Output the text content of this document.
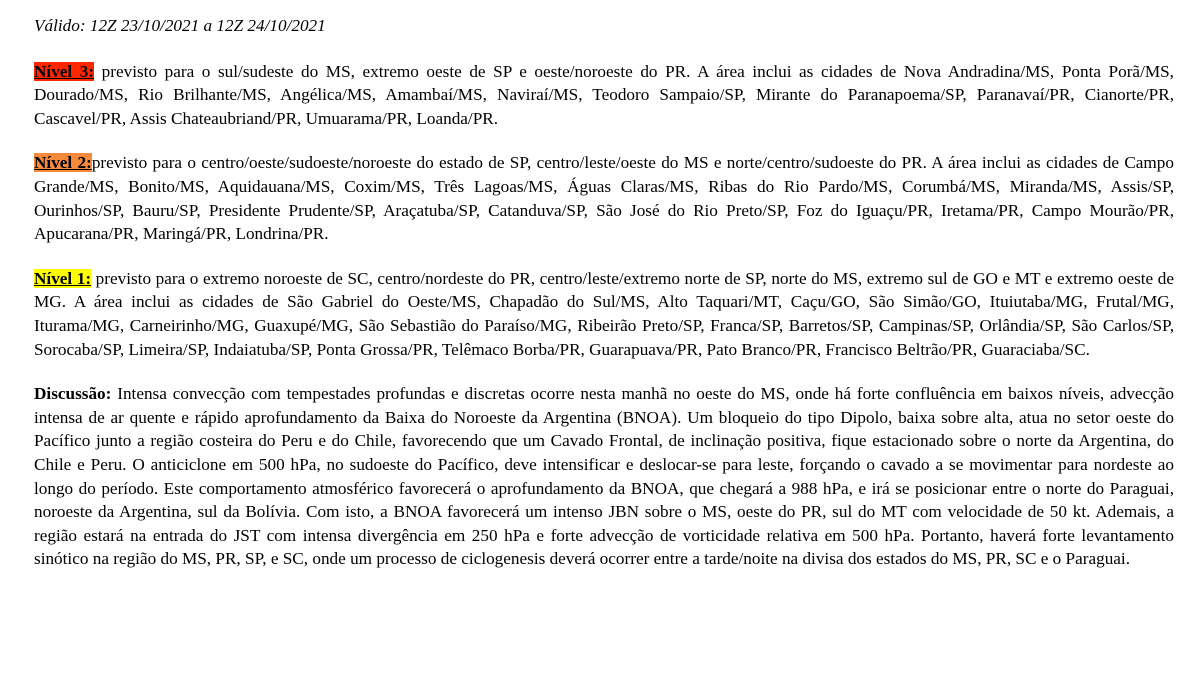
Válido: 12Z 23/10/2021 a 12Z 24/10/2021

Nível 3: previsto para o sul/sudeste do MS, extremo oeste de SP e oeste/noroeste do PR. A área inclui as cidades de Nova Andradina/MS, Ponta Porã/MS, Dourado/MS, Rio Brilhante/MS, Angélica/MS, Amambaí/MS, Naviraí/MS, Teodoro Sampaio/SP, Mirante do Paranapoema/SP, Paranavaí/PR, Cianorte/PR, Cascavel/PR, Assis Chateaubriand/PR, Umuarama/PR, Loanda/PR.

Nível 2:previsto para o centro/oeste/sudoeste/noroeste do estado de SP, centro/leste/oeste do MS e norte/centro/sudoeste do PR. A área inclui as cidades de Campo Grande/MS, Bonito/MS, Aquidauana/MS, Coxim/MS, Três Lagoas/MS, Águas Claras/MS, Ribas do Rio Pardo/MS, Corumbá/MS, Miranda/MS, Assis/SP, Ourinhos/SP, Bauru/SP, Presidente Prudente/SP, Araçatuba/SP, Catanduva/SP, São José do Rio Preto/SP, Foz do Iguaçu/PR, Iretama/PR, Campo Mourão/PR, Apucarana/PR, Maringá/PR, Londrina/PR.

Nível 1: previsto para o extremo noroeste de SC, centro/nordeste do PR, centro/leste/extremo norte de SP, norte do MS, extremo sul de GO e MT e extremo oeste de MG. A área inclui as cidades de São Gabriel do Oeste/MS, Chapadão do Sul/MS, Alto Taquari/MT, Caçu/GO, São Simão/GO, Ituiutaba/MG, Frutal/MG, Iturama/MG, Carneirinho/MG, Guaxupé/MG, São Sebastião do Paraíso/MG, Ribeirão Preto/SP, Franca/SP, Barretos/SP, Campinas/SP, Orlândia/SP, São Carlos/SP, Sorocaba/SP, Limeira/SP, Indaiatuba/SP, Ponta Grossa/PR, Telêmaco Borba/PR, Guarapuava/PR, Pato Branco/PR, Francisco Beltrão/PR, Guaraciaba/SC.

Discussão: Intensa convecção com tempestades profundas e discretas ocorre nesta manhã no oeste do MS, onde há forte confluência em baixos níveis, advecção intensa de ar quente e rápido aprofundamento da Baixa do Noroeste da Argentina (BNOA). Um bloqueio do tipo Dipolo, baixa sobre alta, atua no setor oeste do Pacífico junto a região costeira do Peru e do Chile, favorecendo que um Cavado Frontal, de inclinação positiva, fique estacionado sobre o norte da Argentina, do Chile e Peru. O anticiclone em 500 hPa, no sudoeste do Pacífico, deve intensificar e deslocar-se para leste, forçando o cavado a se movimentar para nordeste ao longo do período. Este comportamento atmosférico favorecerá o aprofundamento da BNOA, que chegará a 988 hPa, e irá se posicionar entre o norte do Paraguai, noroeste da Argentina, sul da Bolívia. Com isto, a BNOA favorecerá um intenso JBN sobre o MS, oeste do PR, sul do MT com velocidade de 50 kt. Ademais, a região estará na entrada do JST com intensa divergência em 250 hPa e forte advecção de vorticidade relativa em 500 hPa. Portanto, haverá forte levantamento sinótico na região do MS, PR, SP, e SC, onde um processo de ciclogenesis deverá ocorrer entre a tarde/noite na divisa dos estados do MS, PR, SC e o Paraguai.
